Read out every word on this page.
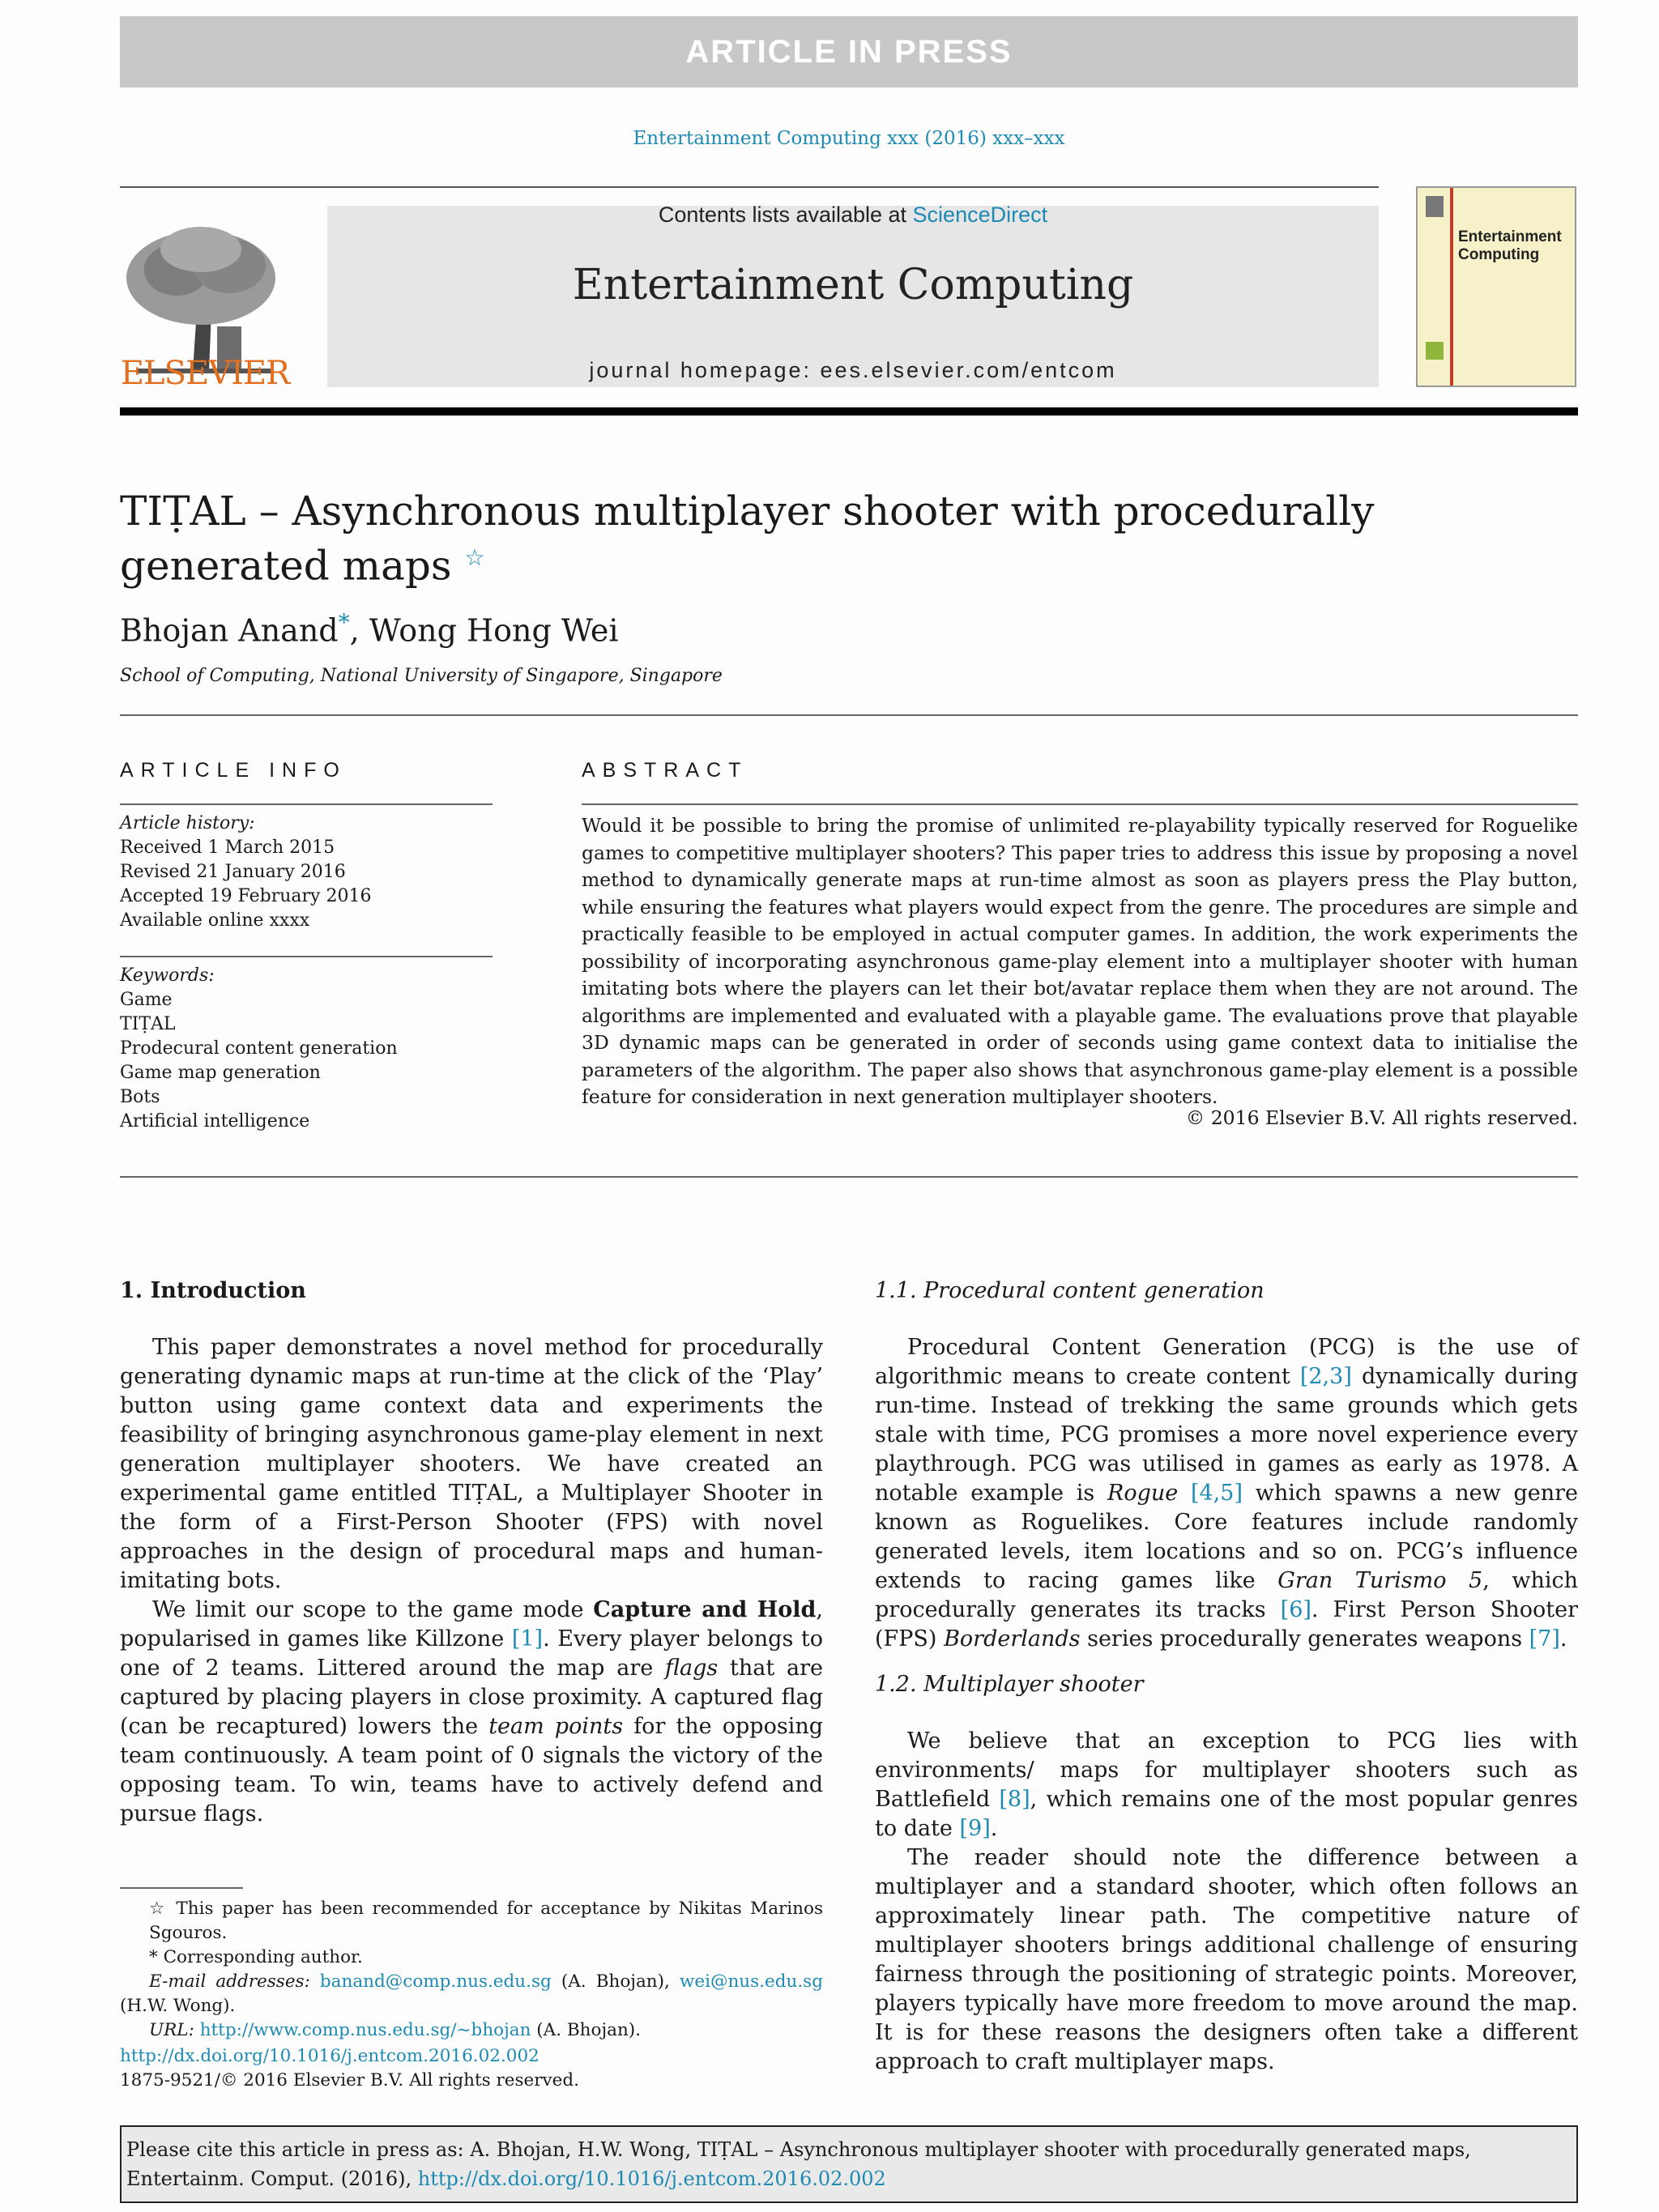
ARTICLE IN PRESS
Entertainment Computing xxx (2016) xxx–xxx
ELSEVIER
Contents lists available at ScienceDirect
Entertainment Computing
journal homepage: ees.elsevier.com/entcom
Entertainment Computing
TIṬAL – Asynchronous multiplayer shooter with procedurally generated maps ☆
Bhojan Anand*, Wong Hong Wei
School of Computing, National University of Singapore, Singapore
ARTICLE INFO	ABSTRACT
Article history:
Received 1 March 2015
Revised 21 January 2016
Accepted 19 February 2016
Available online xxxx
Keywords:
Game
TIṬAL
Prodecural content generation
Game map generation
Bots
Artificial intelligence
Would it be possible to bring the promise of unlimited re-playability typically reserved for Roguelike games to competitive multiplayer shooters? This paper tries to address this issue by proposing a novel method to dynamically generate maps at run-time almost as soon as players press the Play button, while ensuring the features what players would expect from the genre. The procedures are simple and practically feasible to be employed in actual computer games. In addition, the work experiments the possibility of incorporating asynchronous game-play element into a multiplayer shooter with human imitating bots where the players can let their bot/avatar replace them when they are not around. The algorithms are implemented and evaluated with a playable game. The evaluations prove that playable 3D dynamic maps can be generated in order of seconds using game context data to initialise the parameters of the algorithm. The paper also shows that asynchronous game-play element is a possible feature for consideration in next generation multiplayer shooters.
© 2016 Elsevier B.V. All rights reserved.
1. Introduction

This paper demonstrates a novel method for procedurally generating dynamic maps at run-time at the click of the ‘Play’ button using game context data and experiments the feasibility of bringing asynchronous game-play element in next generation multiplayer shooters. We have created an experimental game entitled TIṬAL, a Multiplayer Shooter in the form of a First-Person Shooter (FPS) with novel approaches in the design of procedural maps and human-imitating bots.

We limit our scope to the game mode Capture and Hold, popularised in games like Killzone [1]. Every player belongs to one of 2 teams. Littered around the map are flags that are captured by placing players in close proximity. A captured flag (can be recaptured) lowers the team points for the opposing team continuously. A team point of 0 signals the victory of the opposing team. To win, teams have to actively defend and pursue flags.

1.1. Procedural content generation

Procedural Content Generation (PCG) is the use of algorithmic means to create content [2,3] dynamically during run-time. Instead of trekking the same grounds which gets stale with time, PCG promises a more novel experience every playthrough. PCG was utilised in games as early as 1978. A notable example is Rogue [4,5] which spawns a new genre known as Roguelikes. Core features include randomly generated levels, item locations and so on. PCG’s influence extends to racing games like Gran Turismo 5, which procedurally generates its tracks [6]. First Person Shooter (FPS) Borderlands series procedurally generates weapons [7].

1.2. Multiplayer shooter

We believe that an exception to PCG lies with environments/ maps for multiplayer shooters such as Battlefield [8], which remains one of the most popular genres to date [9].

The reader should note the difference between a multiplayer and a standard shooter, which often follows an approximately linear path. The competitive nature of multiplayer shooters brings additional challenge of ensuring fairness through the positioning of strategic points. Moreover, players typically have more freedom to move around the map. It is for these reasons the designers often take a different approach to craft multiplayer maps.

☆ This paper has been recommended for acceptance by Nikitas Marinos Sgouros.
* Corresponding author.
E-mail addresses: banand@comp.nus.edu.sg (A. Bhojan), wei@nus.edu.sg (H.W. Wong).
URL: http://www.comp.nus.edu.sg/~bhojan (A. Bhojan).
http://dx.doi.org/10.1016/j.entcom.2016.02.002
1875-9521/© 2016 Elsevier B.V. All rights reserved.
Please cite this article in press as: A. Bhojan, H.W. Wong, TIṬAL – Asynchronous multiplayer shooter with procedurally generated maps, Entertainm. Comput. (2016), http://dx.doi.org/10.1016/j.entcom.2016.02.002
